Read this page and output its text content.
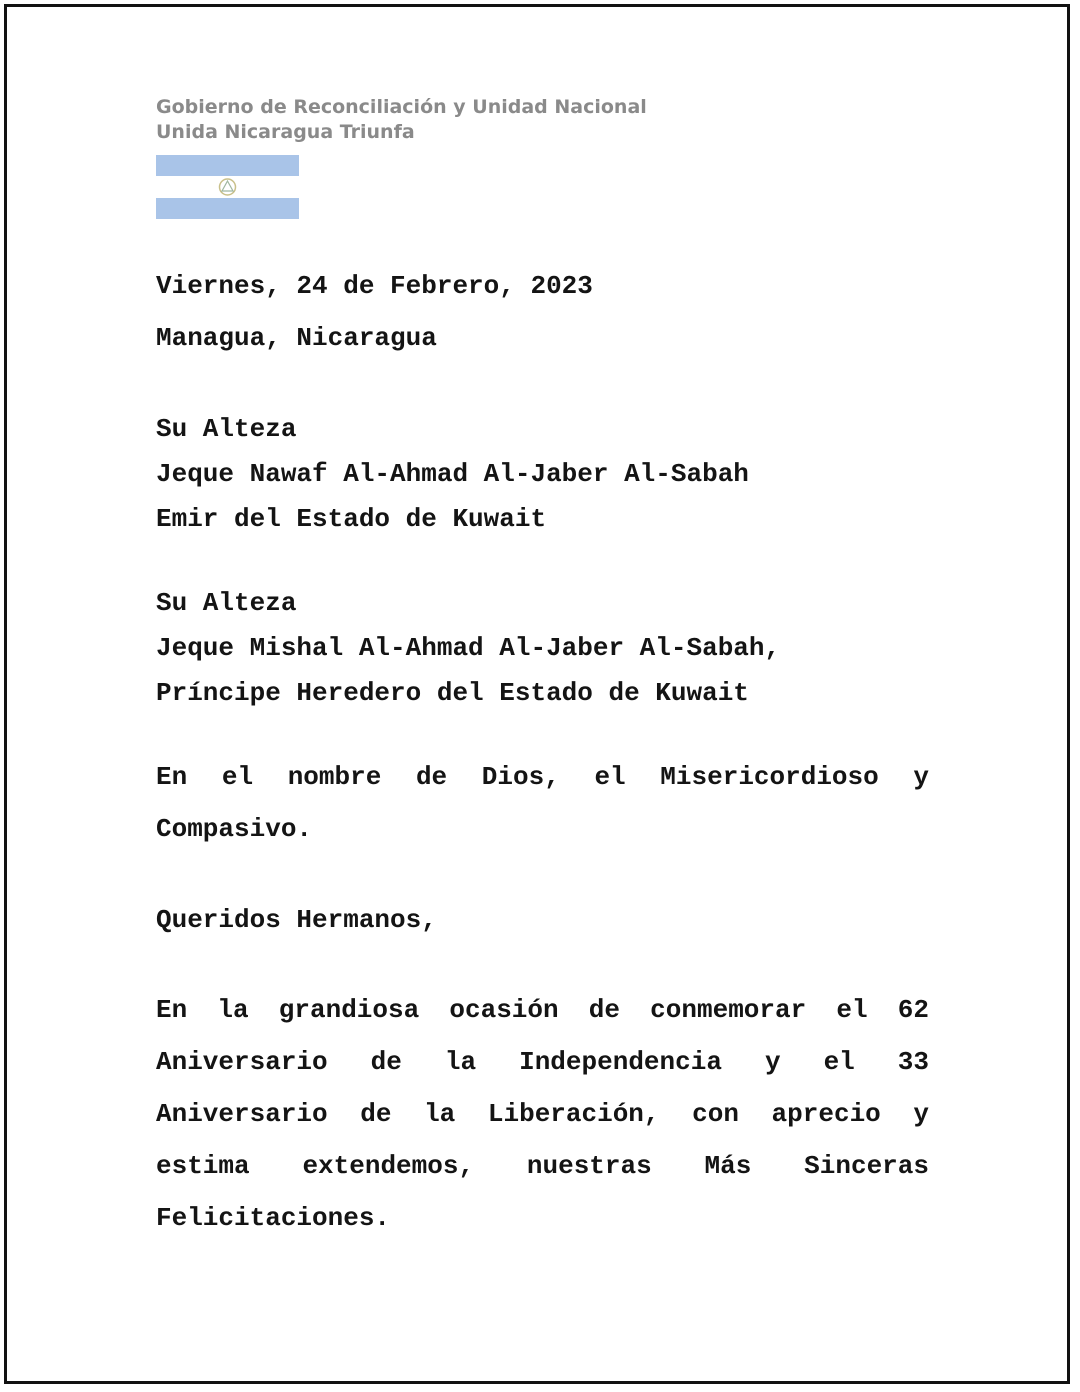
Gobierno de Reconciliación y Unidad Nacional
Unida Nicaragua Triunfa
Viernes, 24 de Febrero, 2023
Managua, Nicaragua
Su Alteza
Jeque Nawaf Al-Ahmad Al-Jaber Al-Sabah
Emir del Estado de Kuwait
Su Alteza
Jeque Mishal Al-Ahmad Al-Jaber Al-Sabah,
Príncipe Heredero del Estado de Kuwait
En el nombre de Dios, el Misericordioso y
Compasivo.
Queridos Hermanos,
En la grandiosa ocasión de conmemorar el 62
Aniversario de la Independencia y el 33
Aniversario de la Liberación, con aprecio y
estima extendemos, nuestras Más Sinceras
Felicitaciones.
